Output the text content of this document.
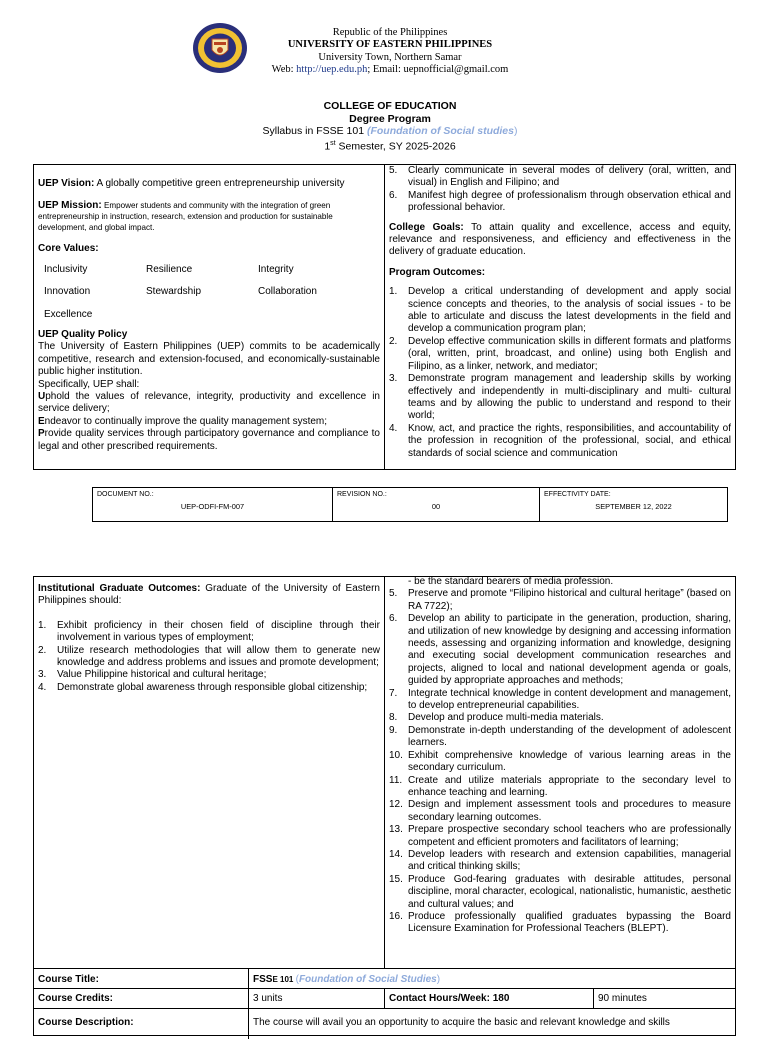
Republic of the Philippines
UNIVERSITY OF EASTERN PHILIPPINES
University Town, Northern Samar
Web: http://uep.edu.ph; Email: uepnofficial@gmail.com
COLLEGE OF EDUCATION
Degree Program
Syllabus in FSSE 101 (Foundation of Social studies)
1st Semester, SY 2025-2026

UEP Vision: A globally competitive green entrepreneurship university

UEP Mission: Empower students and community with the integration of green entrepreneurship in instruction, research, extension and production for sustainable development, and global impact.

Core Values:

Inclusivity	Resilience	Integrity
Innovation	Stewardship	Collaboration
Excellence

UEP Quality Policy

The University of Eastern Philippines (UEP) commits to be academically competitive, research and extension-focused, and economically-sustainable public higher institution.

Specifically, UEP shall:

Uphold the values of relevance, integrity, productivity and excellence in service delivery;

Endeavor to continually improve the quality management system;

Provide quality services through participatory governance and compliance to legal and other prescribed requirements.

5. Clearly communicate in several modes of delivery (oral, written, and visual) in English and Filipino; and
6. Manifest high degree of professionalism through observation ethical and professional behavior.

College Goals: To attain quality and excellence, access and equity, relevance and responsiveness, and efficiency and effectiveness in the delivery of graduate education.

Program Outcomes:

1. Develop a critical understanding of development and apply social science concepts and theories, to the analysis of social issues - to be able to articulate and discuss the latest developments in the field and develop a communication program plan;
2. Develop effective communication skills in different formats and platforms (oral, written, print, broadcast, and online) using both English and Filipino, as a linker, network, and mediator;
3. Demonstrate program management and leadership skills by working effectively and independently in multi-disciplinary and multi- cultural teams and by allowing the public to understand and respond to their world;
4. Know, act, and practice the rights, responsibilities, and accountability of the profession in recognition of the professional, social, and ethical standards of social science and communication
DOCUMENT NO.:
UEP-ODFI-FM-007
REVISION NO.:
00
EFFECTIVITY DATE:
SEPTEMBER 12, 2022

Institutional Graduate Outcomes: Graduate of the University of Eastern Philippines should:

1. Exhibit proficiency in their chosen field of discipline through their involvement in various types of employment;
2. Utilize research methodologies that will allow them to generate new knowledge and address problems and issues and promote development;
3. Value Philippine historical and cultural heritage;
4. Demonstrate global awareness through responsible global citizenship;

- be the standard bearers of media profession.

5. Preserve and promote “Filipino historical and cultural heritage” (based on RA 7722);
6. Develop an ability to participate in the generation, production, sharing, and utilization of new knowledge by designing and accessing information needs, assessing and organizing information and knowledge, designing and executing social development communication researches and projects, aligned to local and national development agenda or goals, guided by appropriate approaches and methods;
7. Integrate technical knowledge in content development and management, to develop entrepreneurial capabilities.
8. Develop and produce multi-media materials.
9. Demonstrate in-depth understanding of the development of adolescent learners.
10. Exhibit comprehensive knowledge of various learning areas in the secondary curriculum.
11. Create and utilize materials appropriate to the secondary level to enhance teaching and learning.
12. Design and implement assessment tools and procedures to measure secondary learning outcomes.
13. Prepare prospective secondary school teachers who are professionally competent and efficient promoters and facilitators of learning;
14. Develop leaders with research and extension capabilities, managerial and critical thinking skills;
15. Produce God-fearing graduates with desirable attitudes, personal discipline, moral character, ecological, nationalistic, humanistic, aesthetic and cultural values; and
16. Produce professionally qualified graduates bypassing the Board Licensure Examination for Professional Teachers (BLEPT).
Course Title:	FSSE 101 (Foundation of Social Studies)
Course Credits:	3 units	Contact Hours/Week: 180	90 minutes
Course Description:	The course will avail you an opportunity to acquire the basic and relevant knowledge and skills
